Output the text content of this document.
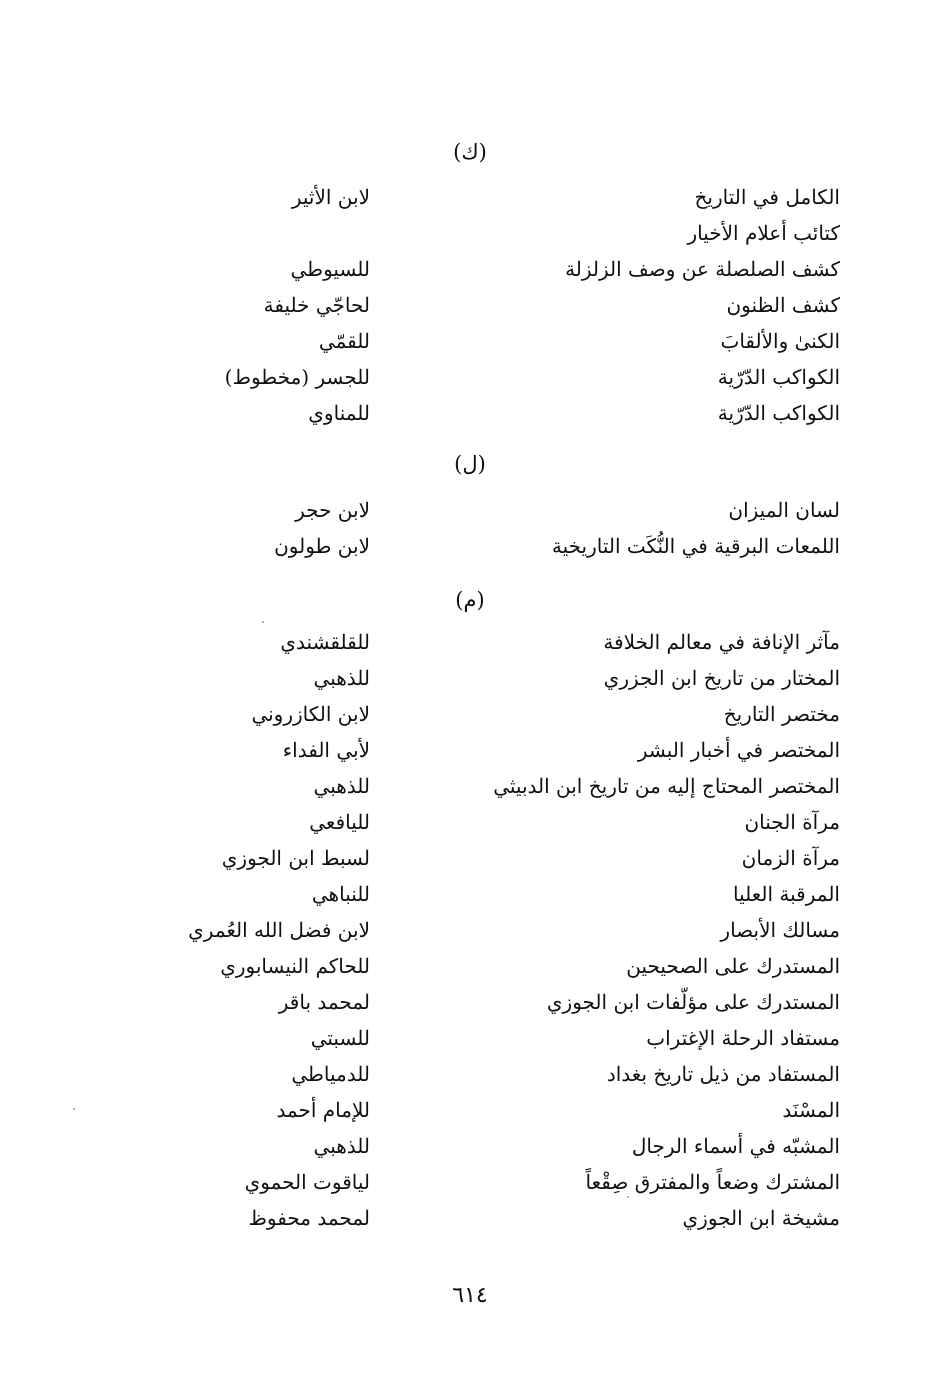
(ك)
الكامل في التاريخ
لابن الأثير
كتائب أعلام الأخيار
كشف الصلصلة عن وصف الزلزلة
للسيوطي
كشف الظنون
لحاجّي خليفة
الكنىٰ والألقابَ
للقمّي
الكواكب الدّرّية
للجسر (مخطوط)
الكواكب الدّرّية
للمناوي
(ل)
لسان الميزان
لابن حجر
اللمعات البرقية في النُّكَت التاريخية
لابن طولون
(م)
مآثر الإنافة في معالم الخلافة
للقلقشندي
المختار من تاريخ ابن الجزري
للذهبي
مختصر التاريخ
لابن الكازروني
المختصر في أخبار البشر
لأبي الفداء
المختصر المحتاج إليه من تاريخ ابن الدبيثي
للذهبي
مرآة الجنان
لليافعي
مرآة الزمان
لسبط ابن الجوزي
المرقبة العليا
للنباهي
مسالك الأبصار
لابن فضل الله العُمري
المستدرك على الصحيحين
للحاكم النيسابوري
المستدرك على مؤلّفات ابن الجوزي
لمحمد باقر
مستفاد الرحلة الإغتراب
للسبتي
المستفاد من ذيل تاريخ بغداد
للدمياطي
المسْنَد
للإمام أحمد
المشبّه في أسماء الرجال
للذهبي
المشترك وضعاً والمفترق صِقْعاً
لياقوت الحموي
مشيخة ابن الجوزي
لمحمد محفوظ
٦١٤
